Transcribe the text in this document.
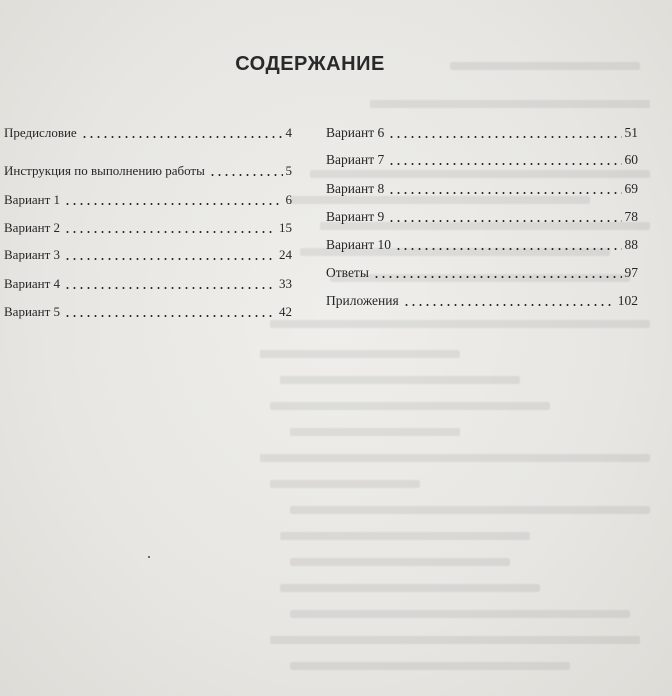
СОДЕРЖАНИЕ
Предисловие	4
Инструкция по выполнению работы	5
Вариант 1	6
Вариант 2	15
Вариант 3	24
Вариант 4	33
Вариант 5	42
Вариант 6	51
Вариант 7	60
Вариант 8	69
Вариант 9	78
Вариант 10	88
Ответы	97
Приложения	102
